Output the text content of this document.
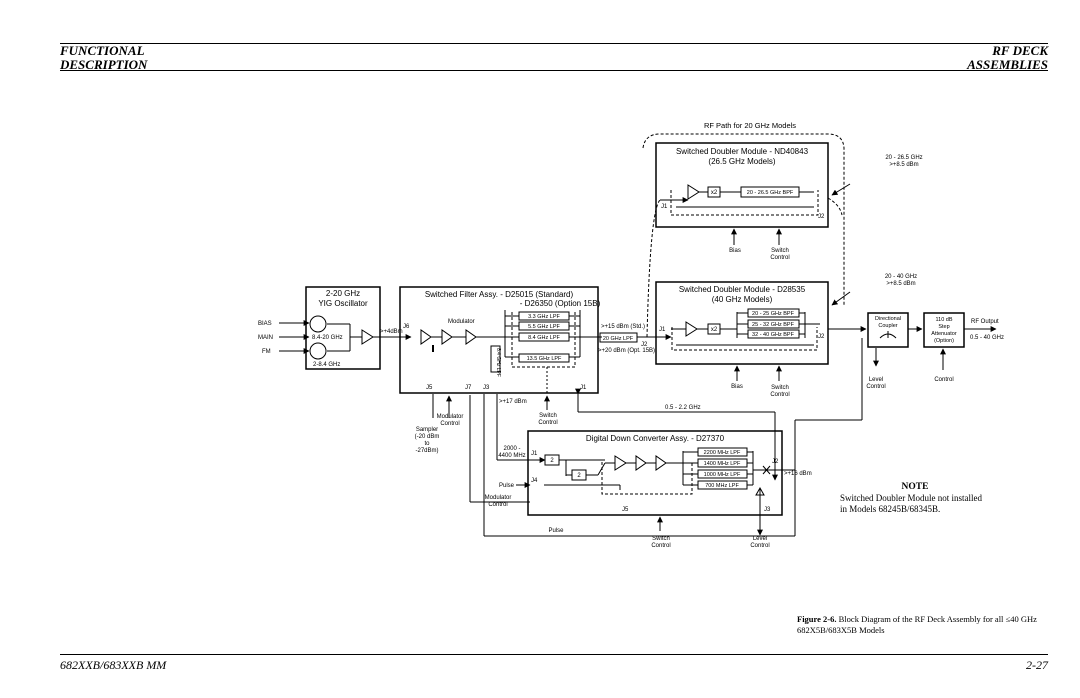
FUNCTIONAL
DESCRIPTION
RF DECK
ASSEMBLIES
RF Path for 20 GHz Models
2-20 GHz
YIG Oscillator
BIAS
MAIN
FM
8.4-20 GHz
2-8.4 GHz
>+4dBm
Switched Filter Assy. - D25015 (Standard)
- D26350 (Option 15B)
J6
Modulator
3.3 GHz LPF
5.5 GHz LPF
8.4 GHz LPF
13.5 GHz LPF
8.4 GHz LPF
20 GHz LPF
>+15 dBm (Std.)
>+20 dBm (Opt. 15B)
J2
J5	J7 J3	J1
>+17 dBm
Modulator
Control
Sampler
(-20 dBm
to
-27dBm)
Switch
Control
0.5 - 2.2 GHz
Switched Doubler Module - ND40843
(26.5 GHz Models)
x2	20 - 26.5 GHz BPF
J1
J2
Bias	Switch
Control
20 - 26.5 GHz
>+8.5 dBm
Switched Doubler Module - D28535
(40 GHz Models)
x2
20 - 25 GHz BPF
25 - 32 GHz BPF
32 - 40 GHz BPF
J1
J2
Bias	Switch
Control
20 - 40 GHz
>+8.5 dBm
Directional
Coupler
Level
Control
110 dB
Step
Attenuator
(Option)
Control
RF Output
0.5 - 40 GHz
Digital Down Converter Assy. - D27370
2000 -
4400 MHz J1
J2
J3
J4
J5
2
2
2200 MHz LPF
1400 MHz LPF
1000 MHz LPF
700 MHz LPF
>+16 dBm
Pulse
Modulator
Control
Pulse
Switch
Control
Level
Control
NOTE
Switched Doubler Module not installed
in Models 68245B/68345B.
Figure 2-6. Block Diagram of the RF Deck Assembly for all ≤40 GHz 682X5B/683X5B Models
682XXB/683XXB MM	2-27
